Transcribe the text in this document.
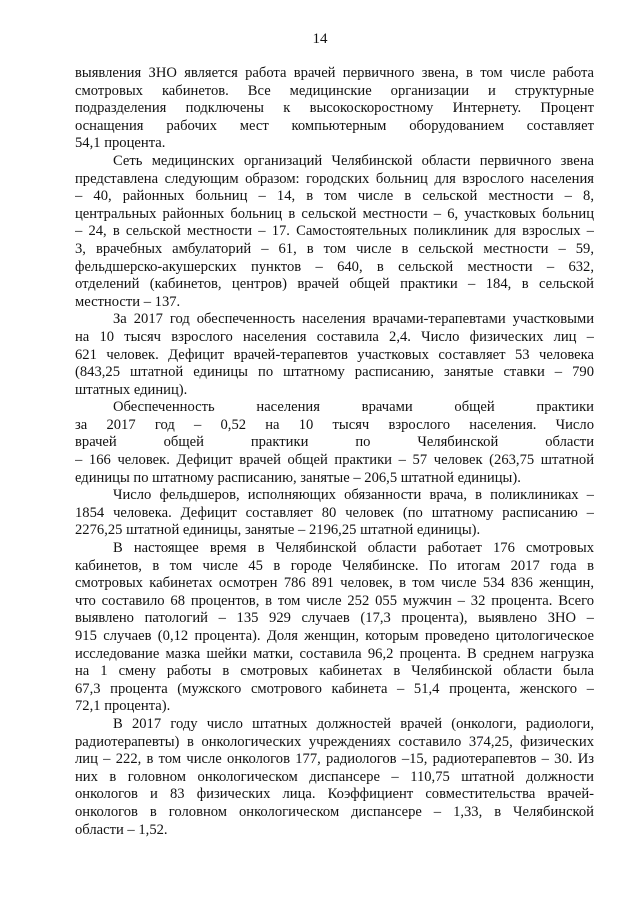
14
выявления ЗНО является работа врачей первичного звена, в том числе работа
смотровых кабинетов. Все медицинские организации и структурные
подразделения подключены к высокоскоростному Интернету. Процент
оснащения рабочих мест компьютерным оборудованием составляет
54,1 процента.
Сеть медицинских организаций Челябинской области первичного звена
представлена следующим образом: городских больниц для взрослого населения
– 40, районных больниц – 14, в том числе в сельской местности – 8,
центральных районных больниц в сельской местности – 6, участковых больниц
– 24, в сельской местности – 17. Самостоятельных поликлиник для взрослых –
3, врачебных амбулаторий – 61, в том числе в сельской местности – 59,
фельдшерско-акушерских пунктов – 640, в сельской местности – 632,
отделений (кабинетов, центров) врачей общей практики – 184, в сельской
местности – 137.
За 2017 год обеспеченность населения врачами-терапевтами участковыми
на 10 тысяч взрослого населения составила 2,4. Число физических лиц –
621 человек. Дефицит врачей-терапевтов участковых составляет 53 человека
(843,25 штатной единицы по штатному расписанию, занятые ставки – 790
штатных единиц).
Обеспеченность населения врачами общей практики
за 2017 год – 0,52 на 10 тысяч взрослого населения. Число
врачей общей практики по Челябинской области
– 166 человек. Дефицит врачей общей практики – 57 человек (263,75 штатной
единицы по штатному расписанию, занятые – 206,5 штатной единицы).
Число фельдшеров, исполняющих обязанности врача, в поликлиниках –
1854 человека. Дефицит составляет 80 человек (по штатному расписанию –
2276,25 штатной единицы, занятые – 2196,25 штатной единицы).
В настоящее время в Челябинской области работает 176 смотровых
кабинетов, в том числе 45 в городе Челябинске. По итогам 2017 года в
смотровых кабинетах осмотрен 786 891 человек, в том числе 534 836 женщин,
что составило 68 процентов, в том числе 252 055 мужчин – 32 процента. Всего
выявлено патологий – 135 929 случаев (17,3 процента), выявлено ЗНО –
915 случаев (0,12 процента). Доля женщин, которым проведено цитологическое
исследование мазка шейки матки, составила 96,2 процента. В среднем нагрузка
на 1 смену работы в смотровых кабинетах в Челябинской области была
67,3 процента (мужского смотрового кабинета – 51,4 процента, женского –
72,1 процента).
В 2017 году число штатных должностей врачей (онкологи, радиологи,
радиотерапевты) в онкологических учреждениях составило 374,25, физических
лиц – 222, в том числе онкологов 177, радиологов –15, радиотерапевтов – 30. Из
них в головном онкологическом диспансере – 110,75 штатной должности
онкологов и 83 физических лица. Коэффициент совместительства врачей-
онкологов в головном онкологическом диспансере – 1,33, в Челябинской
области – 1,52.
